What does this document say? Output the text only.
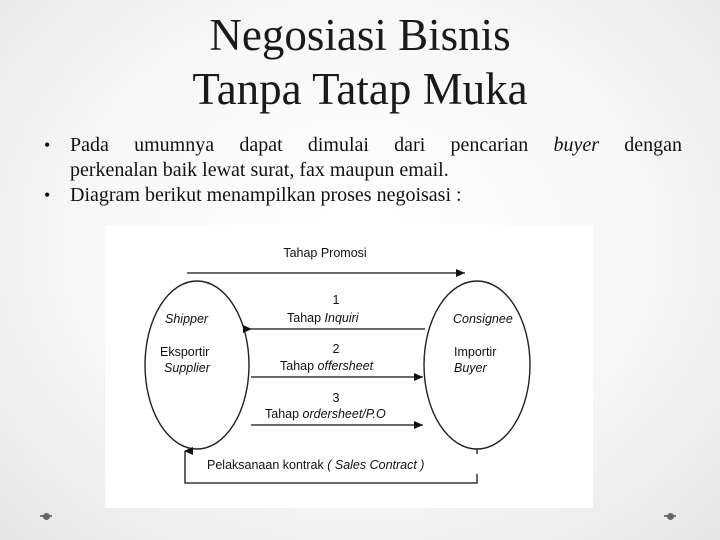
Negosiasi Bisnis
Tanpa Tatap Muka
• Pada umumnya dapat dimulai dari pencarian buyer dengan
perkenalan baik lewat surat, fax maupun email.
• Diagram berikut menampilkan proses negoisasi :
Tahap Promosi
Shipper
Eksportir
Supplier
Consignee
Importir
Buyer
1
Tahap Inquiri
2
Tahap offersheet
3
Tahap ordersheet/P.O
Pelaksanaan kontrak ( Sales Contract )
